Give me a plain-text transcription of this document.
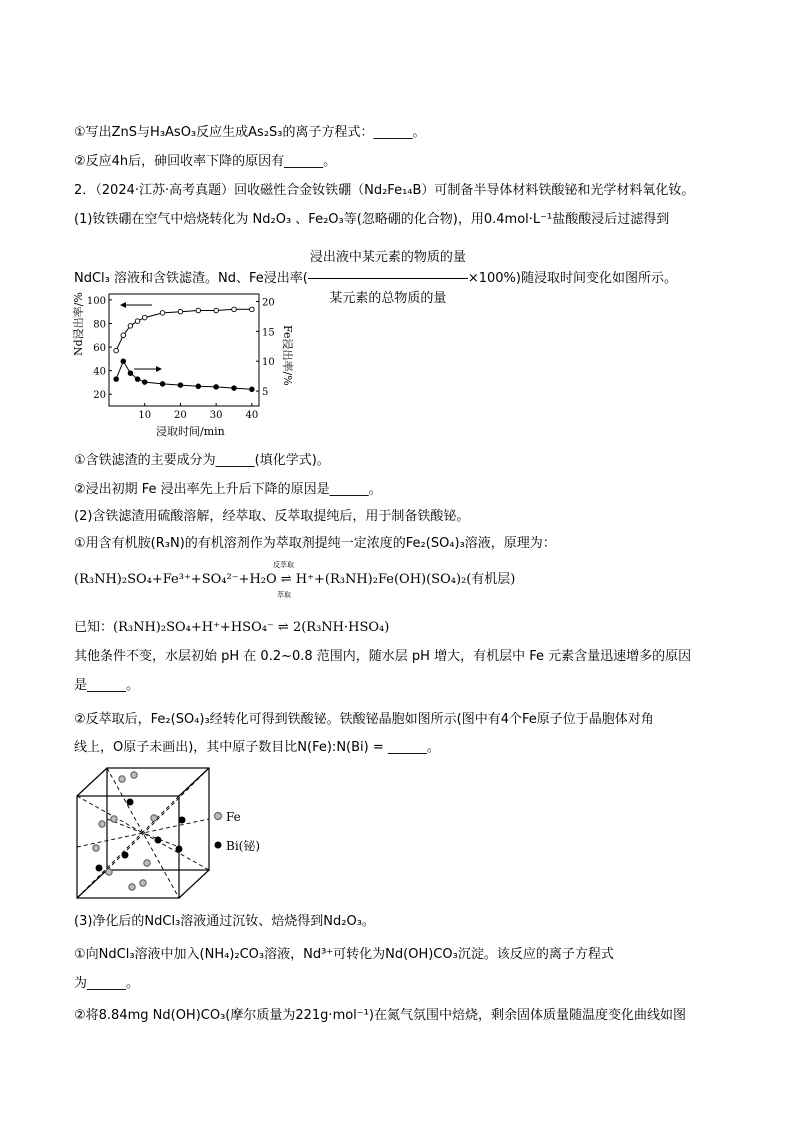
①写出ZnS与H₃AsO₃反应生成As₂S₃的离子方程式：______。
②反应4h后，砷回收率下降的原因有______。
2．（2024·江苏·高考真题）回收磁性合金钕铁硼（Nd₂Fe₁₄B）可制备半导体材料铁酸铋和光学材料氧化钕。
(1)钕铁硼在空气中焙烧转化为 Nd₂O₃ 、Fe₂O₃等(忽略硼的化合物)，用0.4mol·L⁻¹盐酸酸浸后过滤得到
NdCl₃ 溶液和含铁滤渣。Nd、Fe浸出率( $\frac{\text{浸出液中某元素的物质的量}}{\text{某元素的总物质的量}} \times 100\%$)随浸取时间变化如图所示。
10 20 30 40
20
40
60
80
100
5
10
15
20
Nd浸出率/%	Fe浸出率/%
浸取时间/min
①含铁滤渣的主要成分为______(填化学式)。
②浸出初期 Fe 浸出率先上升后下降的原因是______。
(2)含铁滤渣用硫酸溶解，经萃取、反萃取提纯后，用于制备铁酸铋。
①用含有机胺(R₃N)的有机溶剂作为萃取剂提纯一定浓度的Fe₂(SO₄)₃溶液，原理为：
(R₃NH)₂SO₄+Fe³⁺+SO₄²⁻+H₂O ⇌ H⁺+(R₃NH)₂Fe(OH)(SO₄)₂(有机层)
反萃取
萃取
已知：(R₃NH)₂SO₄+H⁺+HSO₄⁻ ⇌ 2(R₃NH·HSO₄)
其他条件不变，水层初始 pH 在 0.2~0.8 范围内，随水层 pH 增大，有机层中 Fe 元素含量迅速增多的原因
是______。
②反萃取后，Fe₂(SO₄)₃经转化可得到铁酸铋。铁酸铋晶胞如图所示(图中有4个Fe原子位于晶胞体对角
线上，O原子未画出)，其中原子数目比N(Fe):N(Bi) = ______。
Fe
Bi(铋)
(3)净化后的NdCl₃溶液通过沉钕、焙烧得到Nd₂O₃。
①向NdCl₃溶液中加入(NH₄)₂CO₃溶液，Nd³⁺可转化为Nd(OH)CO₃沉淀。该反应的离子方程式
为______。
②将8.84mg Nd(OH)CO₃(摩尔质量为221g·mol⁻¹)在氮气氛围中焙烧，剩余固体质量随温度变化曲线如图
